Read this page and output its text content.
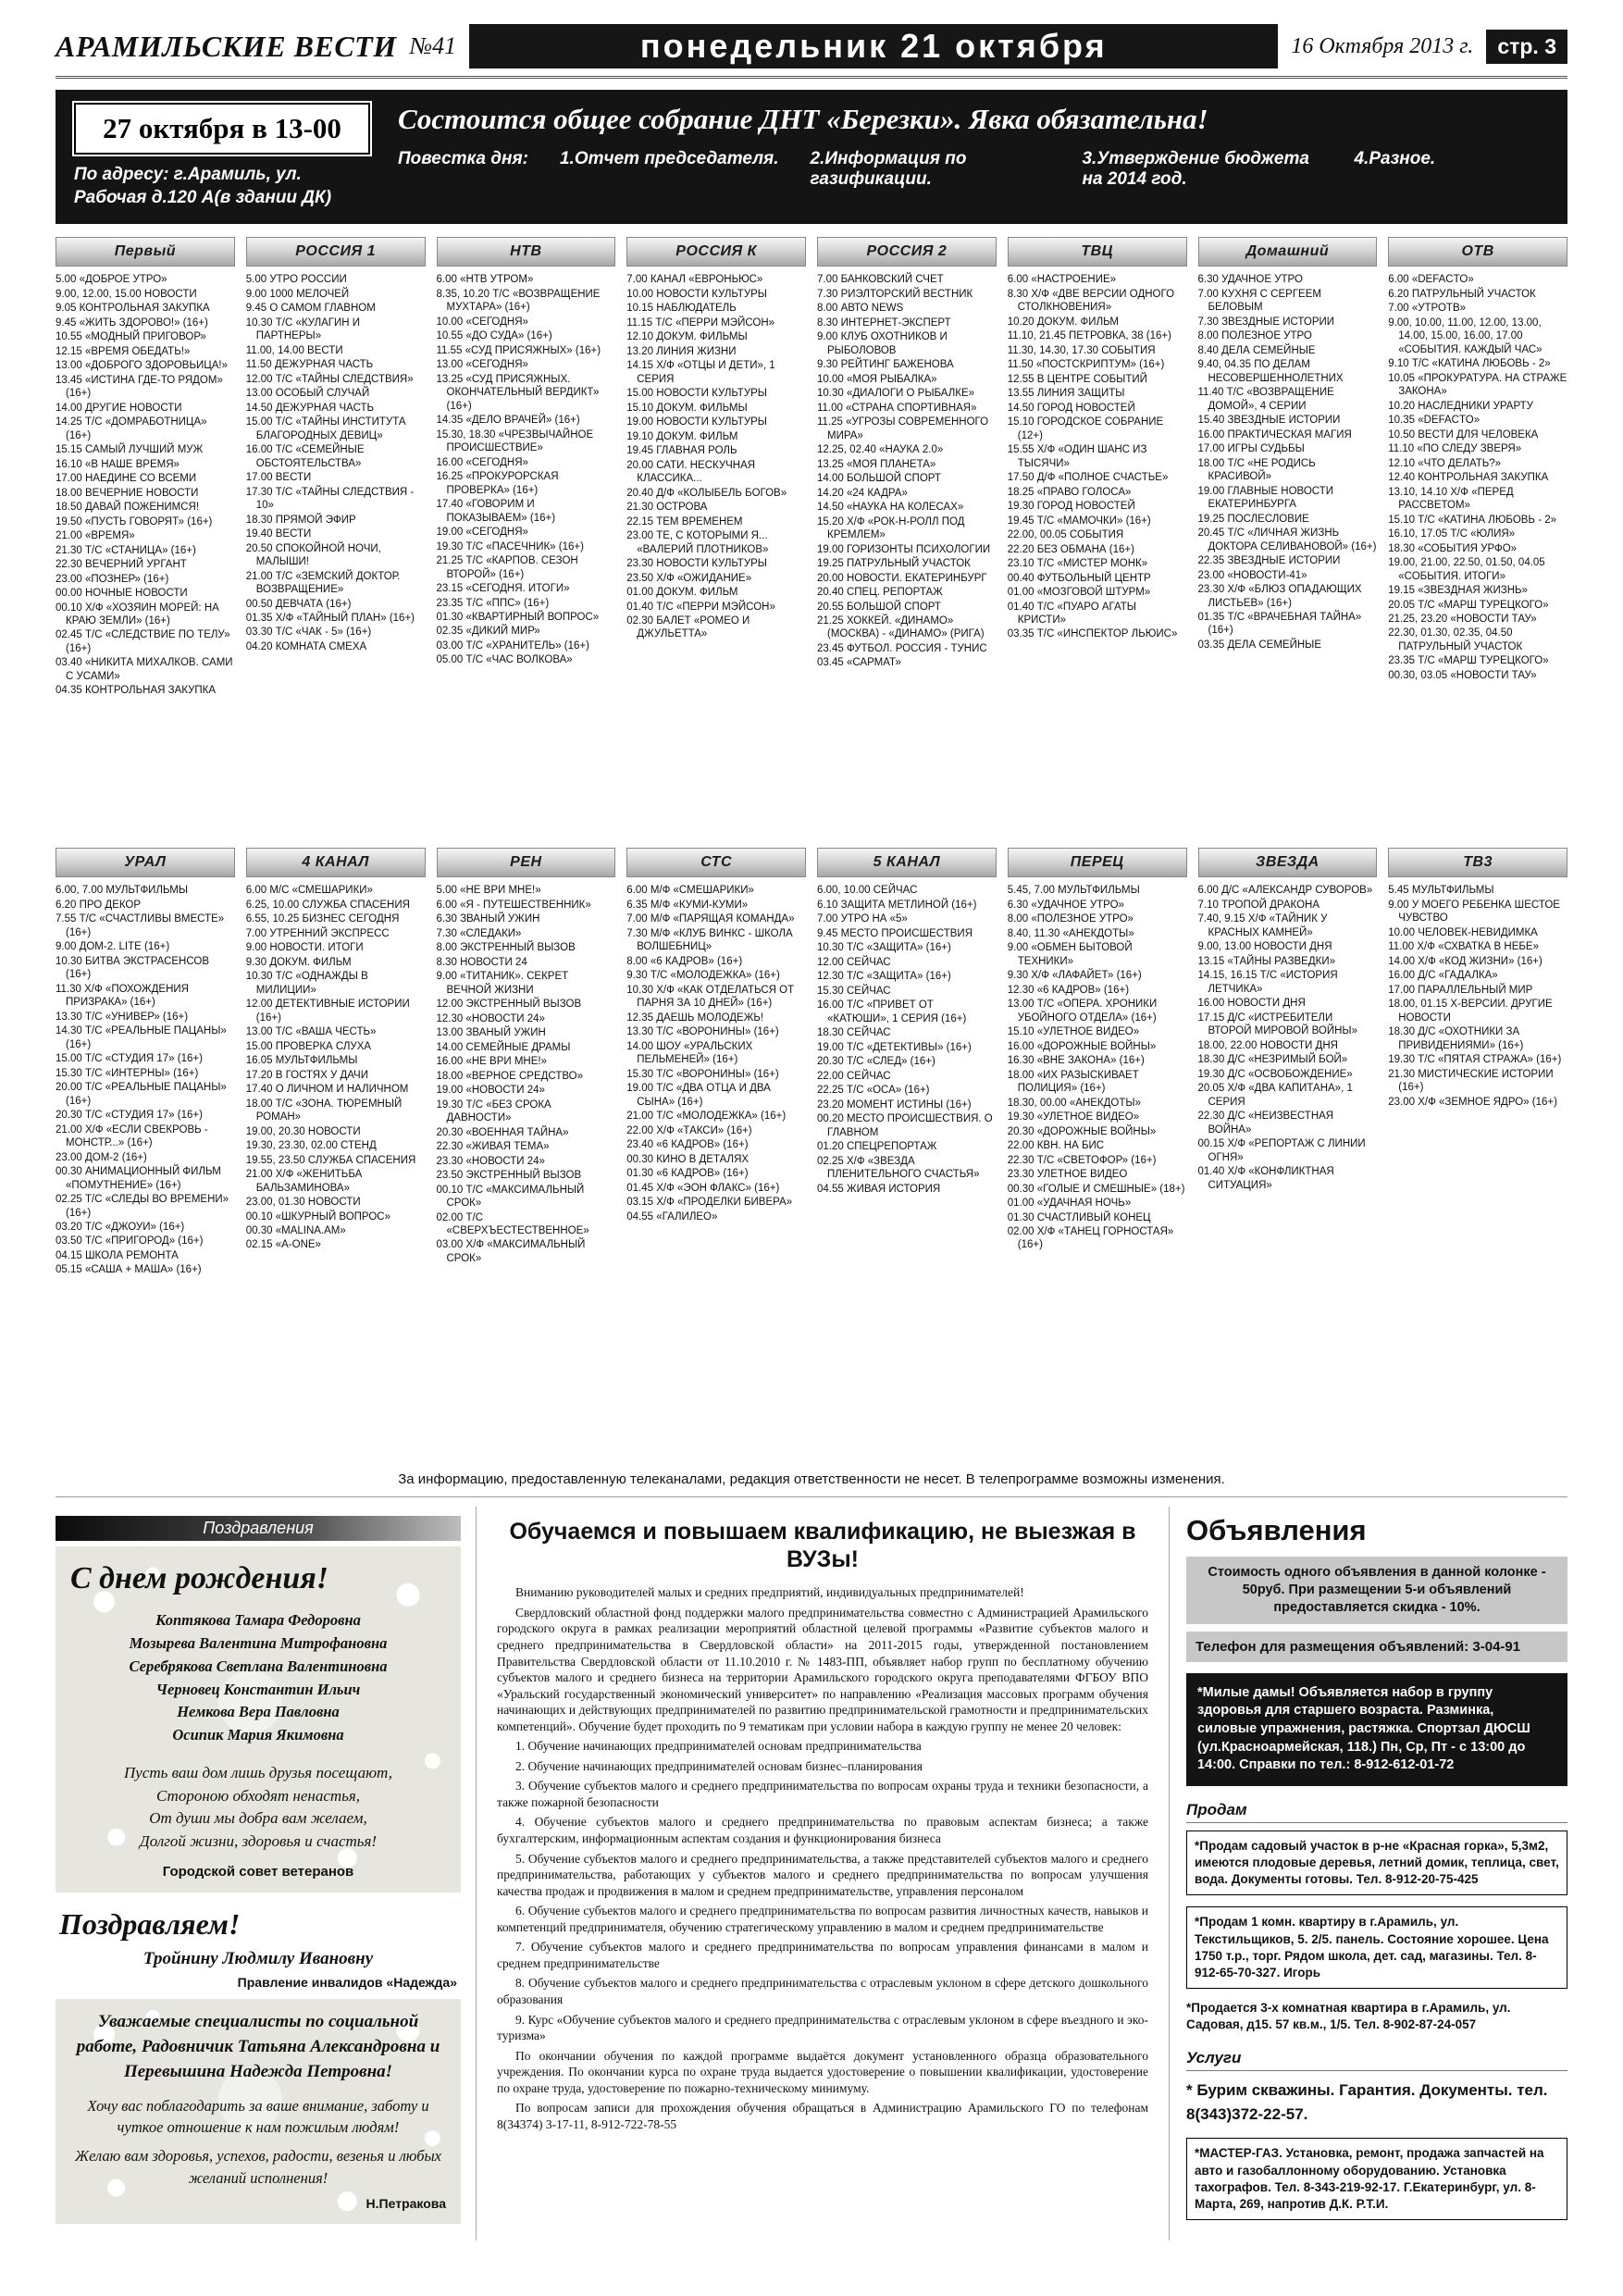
АРАМИЛЬСКИЕ ВЕСТИ №41	понедельник 21 октября	16 Октября 2013 г.	стр. 3
27 октября в 13-00
По адресу: г.Арамиль, ул. Рабочая д.120 А(в здании ДК)
Состоится общее собрание ДНТ «Березки». Явка обязательна!
Повестка дня: 1.Отчет председателя. 2.Информация по газификации.
3.Утверждение бюджета на 2014 год.
4.Разное.
Первый
5.00 «ДОБРОЕ УТРО»
9.00, 12.00, 15.00 НОВОСТИ
9.05 КОНТРОЛЬНАЯ ЗАКУПКА
9.45 «ЖИТЬ ЗДОРОВО!» (16+)
10.55 «МОДНЫЙ ПРИГОВОР»
12.15 «ВРЕМЯ ОБЕДАТЬ!»
13.00 «ДОБРОГО ЗДОРОВЬИЦА!»
13.45 «ИСТИНА ГДЕ-ТО РЯДОМ» (16+)
14.00 ДРУГИЕ НОВОСТИ
14.25 Т/С «ДОМРАБОТНИЦА» (16+)
15.15 САМЫЙ ЛУЧШИЙ МУЖ
16.10 «В НАШЕ ВРЕМЯ»
17.00 НАЕДИНЕ СО ВСЕМИ
18.00 ВЕЧЕРНИЕ НОВОСТИ
18.50 ДАВАЙ ПОЖЕНИМСЯ!
19.50 «ПУСТЬ ГОВОРЯТ» (16+)
21.00 «ВРЕМЯ»
21.30 Т/С «СТАНИЦА» (16+)
22.30 ВЕЧЕРНИЙ УРГАНТ
23.00 «ПОЗНЕР» (16+)
00.00 НОЧНЫЕ НОВОСТИ
00.10 Х/Ф «ХОЗЯИН МОРЕЙ: НА КРАЮ ЗЕМЛИ» (16+)
02.45 Т/С «СЛЕДСТВИЕ ПО ТЕЛУ» (16+)
03.40 «НИКИТА МИХАЛКОВ. САМИ С УСАМИ»
04.35 КОНТРОЛЬНАЯ ЗАКУПКА
РОССИЯ 1
5.00 УТРО РОССИИ
9.00 1000 МЕЛОЧЕЙ
9.45 О САМОМ ГЛАВНОМ
10.30 Т/С «КУЛАГИН И ПАРТНЕРЫ»
11.00, 14.00 ВЕСТИ
11.50 ДЕЖУРНАЯ ЧАСТЬ
12.00 Т/С «ТАЙНЫ СЛЕДСТВИЯ»
13.00 ОСОБЫЙ СЛУЧАЙ
14.50 ДЕЖУРНАЯ ЧАСТЬ
15.00 Т/С «ТАЙНЫ ИНСТИТУТА БЛАГОРОДНЫХ ДЕВИЦ»
16.00 Т/С «СЕМЕЙНЫЕ ОБСТОЯТЕЛЬСТВА»
17.00 ВЕСТИ
17.30 Т/С «ТАЙНЫ СЛЕДСТВИЯ - 10»
18.30 ПРЯМОЙ ЭФИР
19.40 ВЕСТИ
20.50 СПОКОЙНОЙ НОЧИ, МАЛЫШИ!
21.00 Т/С «ЗЕМСКИЙ ДОКТОР. ВОЗВРАЩЕНИЕ»
00.50 ДЕВЧАТА (16+)
01.35 Х/Ф «ТАЙНЫЙ ПЛАН» (16+)
03.30 Т/С «ЧАК - 5» (16+)
04.20 КОМНАТА СМЕХА
НТВ
6.00 «НТВ УТРОМ»
8.35, 10.20 Т/С «ВОЗВРАЩЕНИЕ МУХТАРА» (16+)
10.00 «СЕГОДНЯ»
10.55 «ДО СУДА» (16+)
11.55 «СУД ПРИСЯЖНЫХ» (16+)
13.00 «СЕГОДНЯ»
13.25 «СУД ПРИСЯЖНЫХ. ОКОНЧАТЕЛЬНЫЙ ВЕРДИКТ» (16+)
14.35 «ДЕЛО ВРАЧЕЙ» (16+)
15.30, 18.30 «ЧРЕЗВЫЧАЙНОЕ ПРОИСШЕСТВИЕ»
16.00 «СЕГОДНЯ»
16.25 «ПРОКУРОРСКАЯ ПРОВЕРКА» (16+)
17.40 «ГОВОРИМ И ПОКАЗЫВАЕМ» (16+)
19.00 «СЕГОДНЯ»
19.30 Т/С «ПАСЕЧНИК» (16+)
21.25 Т/С «КАРПОВ. СЕЗОН ВТОРОЙ» (16+)
23.15 «СЕГОДНЯ. ИТОГИ»
23.35 Т/С «ППС» (16+)
01.30 «КВАРТИРНЫЙ ВОПРОС»
02.35 «ДИКИЙ МИР»
03.00 Т/С «ХРАНИТЕЛЬ» (16+)
05.00 Т/С «ЧАС ВОЛКОВА»
РОССИЯ К
7.00 КАНАЛ «ЕВРОНЬЮС»
10.00 НОВОСТИ КУЛЬТУРЫ
10.15 НАБЛЮДАТЕЛЬ
11.15 Т/С «ПЕРРИ МЭЙСОН»
12.10 ДОКУМ. ФИЛЬМЫ
13.20 ЛИНИЯ ЖИЗНИ
14.15 Х/Ф «ОТЦЫ И ДЕТИ», 1 СЕРИЯ
15.00 НОВОСТИ КУЛЬТУРЫ
15.10 ДОКУМ. ФИЛЬМЫ
19.00 НОВОСТИ КУЛЬТУРЫ
19.10 ДОКУМ. ФИЛЬМ
19.45 ГЛАВНАЯ РОЛЬ
20.00 САТИ. НЕСКУЧНАЯ КЛАССИКА...
20.40 Д/Ф «КОЛЫБЕЛЬ БОГОВ»
21.30 ОСТРОВА
22.15 ТЕМ ВРЕМЕНЕМ
23.00 ТЕ, С КОТОРЫМИ Я... «ВАЛЕРИЙ ПЛОТНИКОВ»
23.30 НОВОСТИ КУЛЬТУРЫ
23.50 Х/Ф «ОЖИДАНИЕ»
01.00 ДОКУМ. ФИЛЬМ
01.40 Т/С «ПЕРРИ МЭЙСОН»
02.30 БАЛЕТ «РОМЕО И ДЖУЛЬЕТТА»
РОССИЯ 2
7.00 БАНКОВСКИЙ СЧЕТ
7.30 РИЭЛТОРСКИЙ ВЕСТНИК
8.00 АВТО NEWS
8.30 ИНТЕРНЕТ-ЭКСПЕРТ
9.00 КЛУБ ОХОТНИКОВ И РЫБОЛОВОВ
9.30 РЕЙТИНГ БАЖЕНОВА
10.00 «МОЯ РЫБАЛКА»
10.30 «ДИАЛОГИ О РЫБАЛКЕ»
11.00 «СТРАНА СПОРТИВНАЯ»
11.25 «УГРОЗЫ СОВРЕМЕННОГО МИРА»
12.25, 02.40 «НАУКА 2.0»
13.25 «МОЯ ПЛАНЕТА»
14.00 БОЛЬШОЙ СПОРТ
14.20 «24 КАДРА»
14.50 «НАУКА НА КОЛЕСАХ»
15.20 Х/Ф «РОК-Н-РОЛЛ ПОД КРЕМЛЕМ»
19.00 ГОРИЗОНТЫ ПСИХОЛОГИИ
19.25 ПАТРУЛЬНЫЙ УЧАСТОК
20.00 НОВОСТИ. ЕКАТЕРИНБУРГ
20.40 СПЕЦ. РЕПОРТАЖ
20.55 БОЛЬШОЙ СПОРТ
21.25 ХОККЕЙ. «ДИНАМО» (МОСКВА) - «ДИНАМО» (РИГА)
23.45 ФУТБОЛ. РОССИЯ - ТУНИС
03.45 «САРМАТ»
ТВЦ
6.00 «НАСТРОЕНИЕ»
8.30 Х/Ф «ДВЕ ВЕРСИИ ОДНОГО СТОЛКНОВЕНИЯ»
10.20 ДОКУМ. ФИЛЬМ
11.10, 21.45 ПЕТРОВКА, 38 (16+)
11.30, 14.30, 17.30 СОБЫТИЯ
11.50 «ПОСТСКРИПТУМ» (16+)
12.55 В ЦЕНТРЕ СОБЫТИЙ
13.55 ЛИНИЯ ЗАЩИТЫ
14.50 ГОРОД НОВОСТЕЙ
15.10 ГОРОДСКОЕ СОБРАНИЕ (12+)
15.55 Х/Ф «ОДИН ШАНС ИЗ ТЫСЯЧИ»
17.50 Д/Ф «ПОЛНОЕ СЧАСТЬЕ»
18.25 «ПРАВО ГОЛОСА»
19.30 ГОРОД НОВОСТЕЙ
19.45 Т/С «МАМОЧКИ» (16+)
22.00, 00.05 СОБЫТИЯ
22.20 БЕЗ ОБМАНА (16+)
23.10 Т/С «МИСТЕР МОНК»
00.40 ФУТБОЛЬНЫЙ ЦЕНТР
01.00 «МОЗГОВОЙ ШТУРМ»
01.40 Т/С «ПУАРО АГАТЫ КРИСТИ»
03.35 Т/С «ИНСПЕКТОР ЛЬЮИС»
Домашний
6.30 УДАЧНОЕ УТРО
7.00 КУХНЯ С СЕРГЕЕМ БЕЛОВЫМ
7.30 ЗВЕЗДНЫЕ ИСТОРИИ
8.00 ПОЛЕЗНОЕ УТРО
8.40 ДЕЛА СЕМЕЙНЫЕ
9.40, 04.35 ПО ДЕЛАМ НЕСОВЕРШЕННОЛЕТНИХ
11.40 Т/С «ВОЗВРАЩЕНИЕ ДОМОЙ», 4 СЕРИИ
15.40 ЗВЕЗДНЫЕ ИСТОРИИ
16.00 ПРАКТИЧЕСКАЯ МАГИЯ
17.00 ИГРЫ СУДЬБЫ
18.00 Т/С «НЕ РОДИСЬ КРАСИВОЙ»
19.00 ГЛАВНЫЕ НОВОСТИ ЕКАТЕРИНБУРГА
19.25 ПОСЛЕСЛОВИЕ
20.45 Т/С «ЛИЧНАЯ ЖИЗНЬ ДОКТОРА СЕЛИВАНОВОЙ» (16+)
22.35 ЗВЕЗДНЫЕ ИСТОРИИ
23.00 «НОВОСТИ-41»
23.30 Х/Ф «БЛЮЗ ОПАДАЮЩИХ ЛИСТЬЕВ» (16+)
01.35 Т/С «ВРАЧЕБНАЯ ТАЙНА» (16+)
03.35 ДЕЛА СЕМЕЙНЫЕ
ОТВ
6.00 «DEFACTO»
6.20 ПАТРУЛЬНЫЙ УЧАСТОК
7.00 «УТРОТВ»
9.00, 10.00, 11.00, 12.00, 13.00, 14.00, 15.00, 16.00, 17.00 «СОБЫТИЯ. КАЖДЫЙ ЧАС»
9.10 Т/С «КАТИНА ЛЮБОВЬ - 2»
10.05 «ПРОКУРАТУРА. НА СТРАЖЕ ЗАКОНА»
10.20 НАСЛЕДНИКИ УРАРТУ
10.35 «DEFACTO»
10.50 ВЕСТИ ДЛЯ ЧЕЛОВЕКА
11.10 «ПО СЛЕДУ ЗВЕРЯ»
12.10 «ЧТО ДЕЛАТЬ?»
12.40 КОНТРОЛЬНАЯ ЗАКУПКА
13.10, 14.10 Х/Ф «ПЕРЕД РАССВЕТОМ»
15.10 Т/С «КАТИНА ЛЮБОВЬ - 2»
16.10, 17.05 Т/С «ЮЛИЯ»
18.30 «СОБЫТИЯ УРФО»
19.00, 21.00, 22.50, 01.50, 04.05 «СОБЫТИЯ. ИТОГИ»
19.15 «ЗВЕЗДНАЯ ЖИЗНЬ»
20.05 Т/С «МАРШ ТУРЕЦКОГО»
21.25, 23.20 «НОВОСТИ ТАУ»
22.30, 01.30, 02.35, 04.50 ПАТРУЛЬНЫЙ УЧАСТОК
23.35 Т/С «МАРШ ТУРЕЦКОГО»
00.30, 03.05 «НОВОСТИ ТАУ»
УРАЛ
6.00, 7.00 МУЛЬТФИЛЬМЫ
6.20 ПРО ДЕКОР
7.55 Т/С «СЧАСТЛИВЫ ВМЕСТЕ» (16+)
9.00 ДОМ-2. LITE (16+)
10.30 БИТВА ЭКСТРАСЕНСОВ (16+)
11.30 Х/Ф «ПОХОЖДЕНИЯ ПРИЗРАКА» (16+)
13.30 Т/С «УНИВЕР» (16+)
14.30 Т/С «РЕАЛЬНЫЕ ПАЦАНЫ» (16+)
15.00 Т/С «СТУДИЯ 17» (16+)
15.30 Т/С «ИНТЕРНЫ» (16+)
20.00 Т/С «РЕАЛЬНЫЕ ПАЦАНЫ» (16+)
20.30 Т/С «СТУДИЯ 17» (16+)
21.00 Х/Ф «ЕСЛИ СВЕКРОВЬ - МОНСТР...» (16+)
23.00 ДОМ-2 (16+)
00.30 АНИМАЦИОННЫЙ ФИЛЬМ «ПОМУТНЕНИЕ» (16+)
02.25 Т/С «СЛЕДЫ ВО ВРЕМЕНИ» (16+)
03.20 Т/С «ДЖОУИ» (16+)
03.50 Т/С «ПРИГОРОД» (16+)
04.15 ШКОЛА РЕМОНТА
05.15 «САША + МАША» (16+)
4 КАНАЛ
6.00 М/С «СМЕШАРИКИ»
6.25, 10.00 СЛУЖБА СПАСЕНИЯ
6.55, 10.25 БИЗНЕС СЕГОДНЯ
7.00 УТРЕННИЙ ЭКСПРЕСС
9.00 НОВОСТИ. ИТОГИ
9.30 ДОКУМ. ФИЛЬМ
10.30 Т/С «ОДНАЖДЫ В МИЛИЦИИ»
12.00 ДЕТЕКТИВНЫЕ ИСТОРИИ (16+)
13.00 Т/С «ВАША ЧЕСТЬ»
15.00 ПРОВЕРКА СЛУХА
16.05 МУЛЬТФИЛЬМЫ
17.20 В ГОСТЯХ У ДАЧИ
17.40 О ЛИЧНОМ И НАЛИЧНОМ
18.00 Т/С «ЗОНА. ТЮРЕМНЫЙ РОМАН»
19.00, 20.30 НОВОСТИ
19.30, 23.30, 02.00 СТЕНД
19.55, 23.50 СЛУЖБА СПАСЕНИЯ
21.00 Х/Ф «ЖЕНИТЬБА БАЛЬЗАМИНОВА»
23.00, 01.30 НОВОСТИ
00.10 «ШКУРНЫЙ ВОПРОС»
00.30 «MALINA.AM»
02.15 «A-ONE»
РЕН
5.00 «НЕ ВРИ МНЕ!»
6.00 «Я - ПУТЕШЕСТВЕННИК»
6.30 ЗВАНЫЙ УЖИН
7.30 «СЛЕДАКИ»
8.00 ЭКСТРЕННЫЙ ВЫЗОВ
8.30 НОВОСТИ 24
9.00 «ТИТАНИК». СЕКРЕТ ВЕЧНОЙ ЖИЗНИ
12.00 ЭКСТРЕННЫЙ ВЫЗОВ
12.30 «НОВОСТИ 24»
13.00 ЗВАНЫЙ УЖИН
14.00 СЕМЕЙНЫЕ ДРАМЫ
16.00 «НЕ ВРИ МНЕ!»
18.00 «ВЕРНОЕ СРЕДСТВО»
19.00 «НОВОСТИ 24»
19.30 Т/С «БЕЗ СРОКА ДАВНОСТИ»
20.30 «ВОЕННАЯ ТАЙНА»
22.30 «ЖИВАЯ ТЕМА»
23.30 «НОВОСТИ 24»
23.50 ЭКСТРЕННЫЙ ВЫЗОВ
00.10 Т/С «МАКСИМАЛЬНЫЙ СРОК»
02.00 Т/С «СВЕРХЪЕСТЕСТВЕННОЕ»
03.00 Х/Ф «МАКСИМАЛЬНЫЙ СРОК»
СТС
6.00 М/Ф «СМЕШАРИКИ»
6.35 М/Ф «КУМИ-КУМИ»
7.00 М/Ф «ПАРЯЩАЯ КОМАНДА»
7.30 М/Ф «КЛУБ ВИНКС - ШКОЛА ВОЛШЕБНИЦ»
8.00 «6 КАДРОВ» (16+)
9.30 Т/С «МОЛОДЕЖКА» (16+)
10.30 Х/Ф «КАК ОТДЕЛАТЬСЯ ОТ ПАРНЯ ЗА 10 ДНЕЙ» (16+)
12.35 ДАЕШЬ МОЛОДЕЖЬ!
13.30 Т/С «ВОРОНИНЫ» (16+)
14.00 ШОУ «УРАЛЬСКИХ ПЕЛЬМЕНЕЙ» (16+)
15.30 Т/С «ВОРОНИНЫ» (16+)
19.00 Т/С «ДВА ОТЦА И ДВА СЫНА» (16+)
21.00 Т/С «МОЛОДЕЖКА» (16+)
22.00 Х/Ф «ТАКСИ» (16+)
23.40 «6 КАДРОВ» (16+)
00.30 КИНО В ДЕТАЛЯХ
01.30 «6 КАДРОВ» (16+)
01.45 Х/Ф «ЭОН ФЛАКС» (16+)
03.15 Х/Ф «ПРОДЕЛКИ БИВЕРА»
04.55 «ГАЛИЛЕО»
5 КАНАЛ
6.00, 10.00 СЕЙЧАС
6.10 ЗАЩИТА МЕТЛИНОЙ (16+)
7.00 УТРО НА «5»
9.45 МЕСТО ПРОИСШЕСТВИЯ
10.30 Т/С «ЗАЩИТА» (16+)
12.00 СЕЙЧАС
12.30 Т/С «ЗАЩИТА» (16+)
15.30 СЕЙЧАС
16.00 Т/С «ПРИВЕТ ОТ «КАТЮШИ», 1 СЕРИЯ (16+)
18.30 СЕЙЧАС
19.00 Т/С «ДЕТЕКТИВЫ» (16+)
20.30 Т/С «СЛЕД» (16+)
22.00 СЕЙЧАС
22.25 Т/С «ОСА» (16+)
23.20 МОМЕНТ ИСТИНЫ (16+)
00.20 МЕСТО ПРОИСШЕСТВИЯ. О ГЛАВНОМ
01.20 СПЕЦРЕПОРТАЖ
02.25 Х/Ф «ЗВЕЗДА ПЛЕНИТЕЛЬНОГО СЧАСТЬЯ»
04.55 ЖИВАЯ ИСТОРИЯ
ПЕРЕЦ
5.45, 7.00 МУЛЬТФИЛЬМЫ
6.30 «УДАЧНОЕ УТРО»
8.00 «ПОЛЕЗНОЕ УТРО»
8.40, 11.30 «АНЕКДОТЫ»
9.00 «ОБМЕН БЫТОВОЙ ТЕХНИКИ»
9.30 Х/Ф «ЛАФАЙЕТ» (16+)
12.30 «6 КАДРОВ» (16+)
13.00 Т/С «ОПЕРА. ХРОНИКИ УБОЙНОГО ОТДЕЛА» (16+)
15.10 «УЛЕТНОЕ ВИДЕО»
16.00 «ДОРОЖНЫЕ ВОЙНЫ»
16.30 «ВНЕ ЗАКОНА» (16+)
18.00 «ИХ РАЗЫСКИВАЕТ ПОЛИЦИЯ» (16+)
18.30, 00.00 «АНЕКДОТЫ»
19.30 «УЛЕТНОЕ ВИДЕО»
20.30 «ДОРОЖНЫЕ ВОЙНЫ»
22.00 КВН. НА БИС
22.30 Т/С «СВЕТОФОР» (16+)
23.30 УЛЕТНОЕ ВИДЕО
00.30 «ГОЛЫЕ И СМЕШНЫЕ» (18+)
01.00 «УДАЧНАЯ НОЧЬ»
01.30 СЧАСТЛИВЫЙ КОНЕЦ
02.00 Х/Ф «ТАНЕЦ ГОРНОСТАЯ» (16+)
ЗВЕЗДА
6.00 Д/С «АЛЕКСАНДР СУВОРОВ»
7.10 ТРОПОЙ ДРАКОНА
7.40, 9.15 Х/Ф «ТАЙНИК У КРАСНЫХ КАМНЕЙ»
9.00, 13.00 НОВОСТИ ДНЯ
13.15 «ТАЙНЫ РАЗВЕДКИ»
14.15, 16.15 Т/С «ИСТОРИЯ ЛЕТЧИКА»
16.00 НОВОСТИ ДНЯ
17.15 Д/С «ИСТРЕБИТЕЛИ ВТОРОЙ МИРОВОЙ ВОЙНЫ»
18.00, 22.00 НОВОСТИ ДНЯ
18.30 Д/С «НЕЗРИМЫЙ БОЙ»
19.30 Д/С «ОСВОБОЖДЕНИЕ»
20.05 Х/Ф «ДВА КАПИТАНА», 1 СЕРИЯ
22.30 Д/С «НЕИЗВЕСТНАЯ ВОЙНА»
00.15 Х/Ф «РЕПОРТАЖ С ЛИНИИ ОГНЯ»
01.40 Х/Ф «КОНФЛИКТНАЯ СИТУАЦИЯ»
ТВ3
5.45 МУЛЬТФИЛЬМЫ
9.00 У МОЕГО РЕБЕНКА ШЕСТОЕ ЧУВСТВО
10.00 ЧЕЛОВЕК-НЕВИДИМКА
11.00 Х/Ф «СХВАТКА В НЕБЕ»
14.00 Х/Ф «КОД ЖИЗНИ» (16+)
16.00 Д/С «ГАДАЛКА»
17.00 ПАРАЛЛЕЛЬНЫЙ МИР
18.00, 01.15 Х-ВЕРСИИ. ДРУГИЕ НОВОСТИ
18.30 Д/С «ОХОТНИКИ ЗА ПРИВИДЕНИЯМИ» (16+)
19.30 Т/С «ПЯТАЯ СТРАЖА» (16+)
21.30 МИСТИЧЕСКИЕ ИСТОРИИ (16+)
23.00 Х/Ф «ЗЕМНОЕ ЯДРО» (16+)
За информацию, предоставленную телеканалами, редакция ответственности не несет. В телепрограмме возможны изменения.
Поздравления
С днем рождения!
Коптякова Тамара Федоровна
Мозырева Валентина Митрофановна
Серебрякова Светлана Валентиновна
Черновец Константин Ильич
Немкова Вера Павловна
Осипик Мария Якимовна
Пусть ваш дом лишь друзья посещают,
Стороною обходят ненастья,
От души мы добра вам желаем,
Долгой жизни, здоровья и счастья!
Городской совет ветеранов
Поздравляем!
Тройнину Людмилу Ивановну
Правление инвалидов «Надежда»
Уважаемые специалисты по социальной работе, Радовничик Татьяна Александровна и Перевышина Надежда Петровна!
Хочу вас поблагодарить за ваше внимание, заботу и чуткое отношение к нам пожилым людям!
Желаю вам здоровья, успехов, радости, везенья и любых желаний исполнения!
Н.Петракова
Обучаемся и повышаем квалификацию, не выезжая в ВУЗы!

Вниманию руководителей малых и средних предприятий, индивидуальных предпринимателей!

Свердловский областной фонд поддержки малого предпринимательства совместно с Администрацией Арамильского городского округа в рамках реализации мероприятий областной целевой программы «Развитие субъектов малого и среднего предпринимательства в Свердловской области» на 2011-2015 годы, утвержденной постановлением Правительства Свердловской области от 11.10.2010 г. № 1483-ПП, объявляет набор групп по бесплатному обучению субъектов малого и среднего бизнеса на территории Арамильского городского округа преподавателями ФГБОУ ВПО «Уральский государственный экономический университет» по направлению «Реализация массовых программ обучения начинающих и действующих предпринимателей по развитию предпринимательской грамотности и предпринимательских компетенций». Обучение будет проходить по 9 тематикам при условии набора в каждую группу не менее 20 человек:

1. Обучение начинающих предпринимателей основам предпринимательства

2. Обучение начинающих предпринимателей основам бизнес–планирования

3. Обучение субъектов малого и среднего предпринимательства по вопросам охраны труда и техники безопасности, а также пожарной безопасности

4. Обучение субъектов малого и среднего предпринимательства по правовым аспектам бизнеса; а также бухгалтерским, информационным аспектам создания и функционирования бизнеса

5. Обучение субъектов малого и среднего предпринимательства, а также представителей субъектов малого и среднего предпринимательства, работающих у субъектов малого и среднего предпринимательства по вопросам улучшения качества продаж и продвижения в малом и среднем предпринимательстве, управления персоналом

6. Обучение субъектов малого и среднего предпринимательства по вопросам развития личностных качеств, навыков и компетенций предпринимателя, обучению стратегическому управлению в малом и среднем предпринимательстве

7. Обучение субъектов малого и среднего предпринимательства по вопросам управления финансами в малом и среднем предпринимательстве

8. Обучение субъектов малого и среднего предпринимательства с отраслевым уклоном в сфере детского дошкольного образования

9. Курс «Обучение субъектов малого и среднего предпринимательства с отраслевым уклоном в сфере въездного и эко-туризма»

По окончании обучения по каждой программе выдаётся документ установленного образца образовательного учреждения. По окончании курса по охране труда выдается удостоверение о повышении квалификации, удостоверение по охране труда, удостоверение по пожарно-техническому минимуму.

По вопросам записи для прохождения обучения обращаться в Администрацию Арамильского ГО по телефонам 8(34374) 3-17-11, 8-912-722-78-55

Объявления
Стоимость одного объявления в данной колонке - 50руб. При размещении 5-и объявлений предоставляется скидка - 10%.
Телефон для размещения объявлений: 3-04-91
*Милые дамы! Объявляется набор в группу здоровья для старшего возраста. Разминка, силовые упражнения, растяжка. Спортзал ДЮСШ (ул.Красноармейская, 118.) Пн, Ср, Пт - с 13:00 до 14:00. Справки по тел.: 8-912-612-01-72
Продам
*Продам садовый участок в р-не «Красная горка», 5,3м2, имеются плодовые деревья, летний домик, теплица, свет, вода. Документы готовы. Тел. 8-912-20-75-425
*Продам 1 комн. квартиру в г.Арамиль, ул. Текстильщиков, 5. 2/5. панель. Состояние хорошее. Цена 1750 т.р., торг. Рядом школа, дет. сад, магазины. Тел. 8-912-65-70-327. Игорь
*Продается 3-х комнатная квартира в г.Арамиль, ул. Садовая, д15. 57 кв.м., 1/5. Тел. 8-902-87-24-057
Услуги
* Бурим скважины. Гарантия. Документы. тел. 8(343)372-22-57.
*МАСТЕР-ГАЗ. Установка, ремонт, продажа запчастей на авто и газобаллонному оборудованию. Установка тахографов. Тел. 8-343-219-92-17. Г.Екатеринбург, ул. 8-Марта, 269, напротив Д.К. Р.Т.И.
